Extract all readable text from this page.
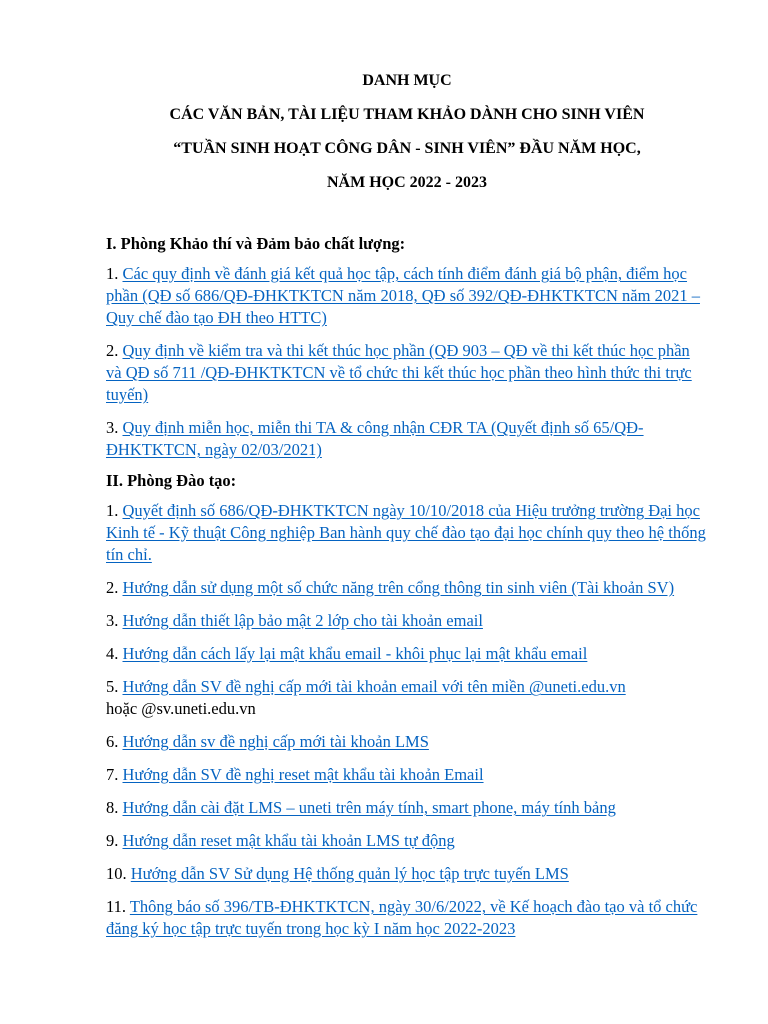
DANH MỤC
CÁC VĂN BẢN, TÀI LIỆU THAM KHẢO DÀNH CHO SINH VIÊN
“TUẦN SINH HOẠT CÔNG DÂN - SINH VIÊN” ĐẦU NĂM HỌC,
NĂM HỌC 2022 - 2023
I. Phòng Khảo thí và Đảm bảo chất lượng:
1. Các quy định về đánh giá kết quả học tập, cách tính điểm đánh giá bộ phận, điểm học phần (QĐ số 686/QĐ-ĐHKTKTCN năm 2018, QĐ số 392/QĐ-ĐHKTKTCN năm 2021 – Quy chế đào tạo ĐH theo HTTC)
2. Quy định về kiểm tra và thi kết thúc học phần (QĐ 903 – QĐ về thi kết thúc học phần và QĐ số 711 /QĐ-ĐHKTKTCN về tổ chức thi kết thúc học phần theo hình thức thi trực tuyến)
3. Quy định miễn học, miễn thi TA & công nhận CĐR TA (Quyết định số 65/QĐ-ĐHKTKTCN, ngày 02/03/2021)
II. Phòng Đào tạo:
1. Quyết định số 686/QĐ-ĐHKTKTCN ngày 10/10/2018 của Hiệu trưởng trường Đại học Kinh tế - Kỹ thuật Công nghiệp Ban hành quy chế đào tạo đại học chính quy theo hệ thống tín chỉ.
2. Hướng dẫn sử dụng một số chức năng trên cổng thông tin sinh viên (Tài khoản SV)
3. Hướng dẫn thiết lập bảo mật 2 lớp cho tài khoản email
4. Hướng dẫn cách lấy lại mật khẩu email - khôi phục lại mật khẩu email
5. Hướng dẫn SV đề nghị cấp mới tài khoản email với tên miền @uneti.edu.vn
hoặc @sv.uneti.edu.vn
6. Hướng dẫn sv đề nghị cấp mới tài khoản LMS
7. Hướng dẫn SV đề nghị reset mật khẩu tài khoản Email
8. Hướng dẫn cài đặt LMS – uneti trên máy tính, smart phone, máy tính bảng
9. Hướng dẫn reset mật khẩu tài khoản LMS tự động
10. Hướng dẫn SV Sử dụng Hệ thống quản lý học tập trực tuyến LMS
11. Thông báo số 396/TB-ĐHKTKTCN, ngày 30/6/2022, về Kế hoạch đào tạo và tổ chức đăng ký học tập trực tuyến trong học kỳ I năm học 2022-2023
